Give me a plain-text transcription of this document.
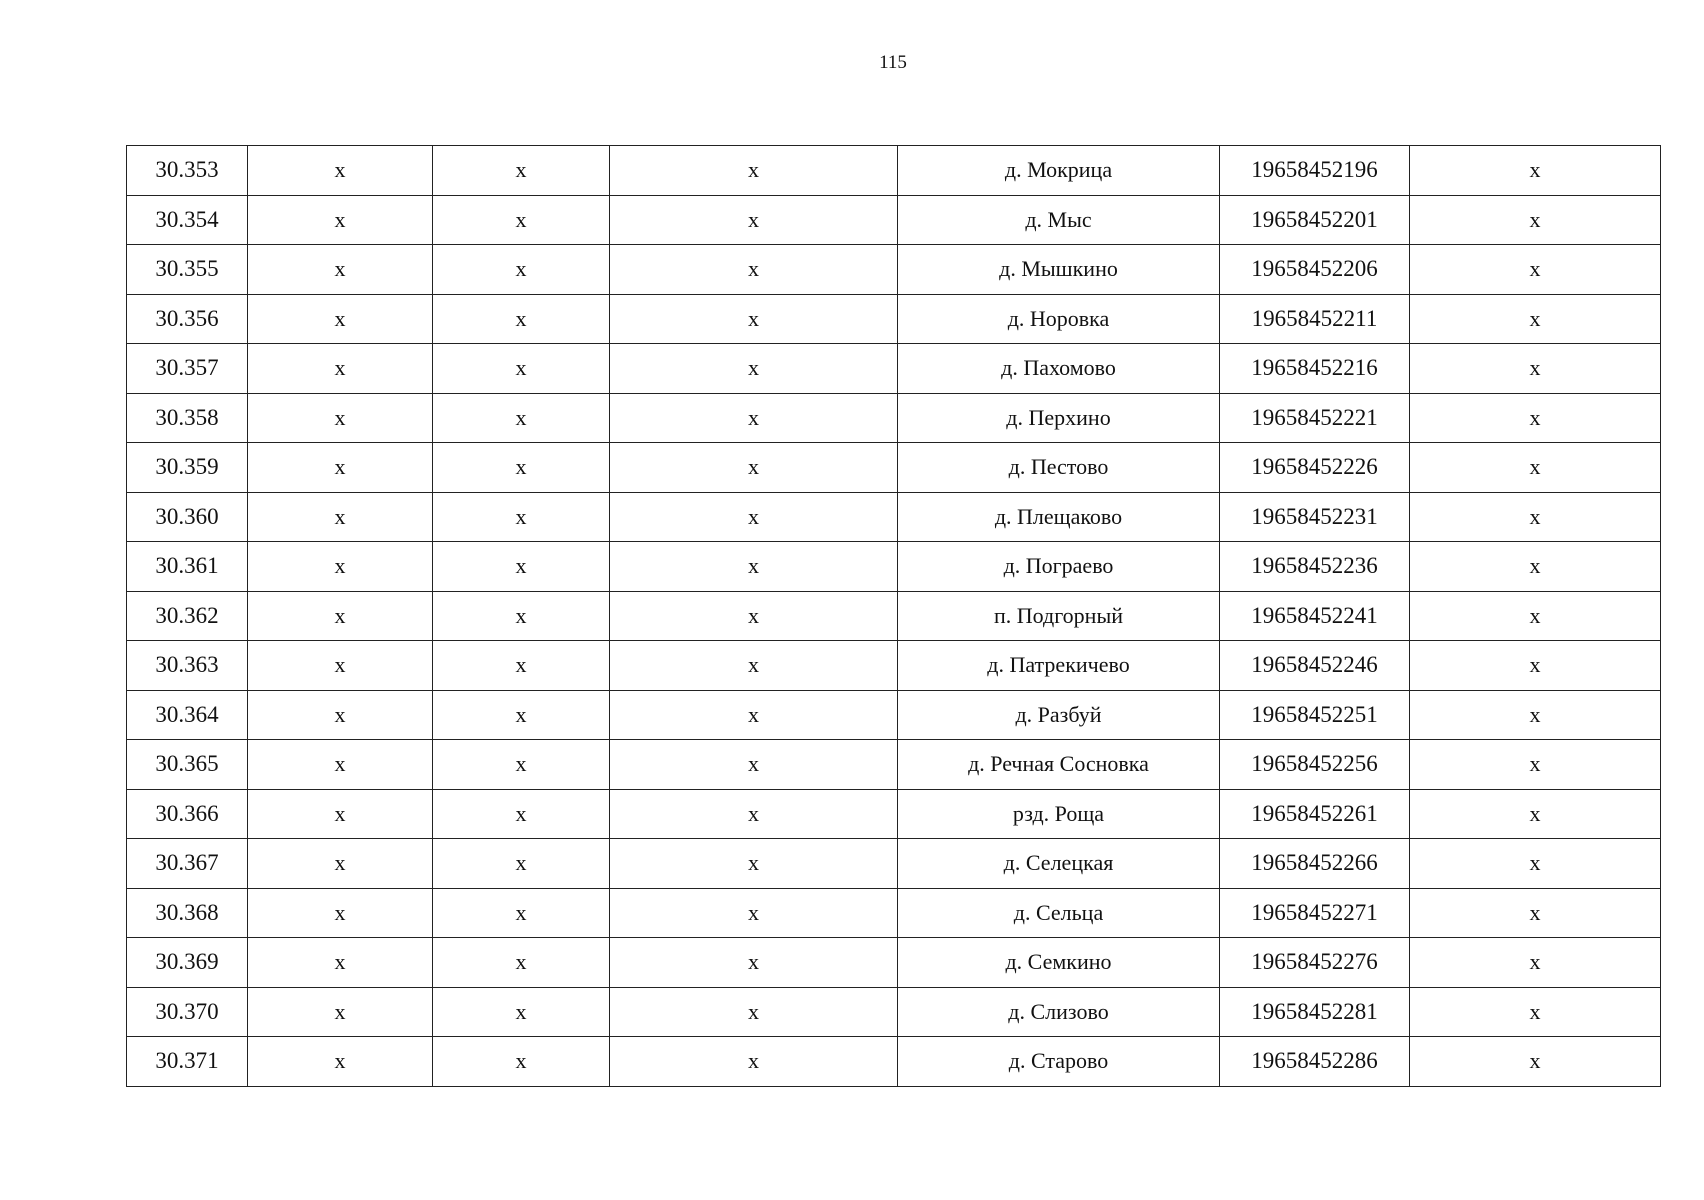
115
30.353	x	x	x	д. Мокрица	19658452196	x
30.354	x	x	x	д. Мыс	19658452201	x
30.355	x	x	x	д. Мышкино	19658452206	x
30.356	x	x	x	д. Норовка	19658452211	x
30.357	x	x	x	д. Пахомово	19658452216	x
30.358	x	x	x	д. Перхино	19658452221	x
30.359	x	x	x	д. Пестово	19658452226	x
30.360	x	x	x	д. Плещаково	19658452231	x
30.361	x	x	x	д. Пограево	19658452236	x
30.362	x	x	x	п. Подгорный	19658452241	x
30.363	x	x	x	д. Патрекичево	19658452246	x
30.364	x	x	x	д. Разбуй	19658452251	x
30.365	x	x	x	д. Речная Сосновка	19658452256	x
30.366	x	x	x	рзд. Роща	19658452261	x
30.367	x	x	x	д. Селецкая	19658452266	x
30.368	x	x	x	д. Сельца	19658452271	x
30.369	x	x	x	д. Семкино	19658452276	x
30.370	x	x	x	д. Слизово	19658452281	x
30.371	x	x	x	д. Старово	19658452286	x
